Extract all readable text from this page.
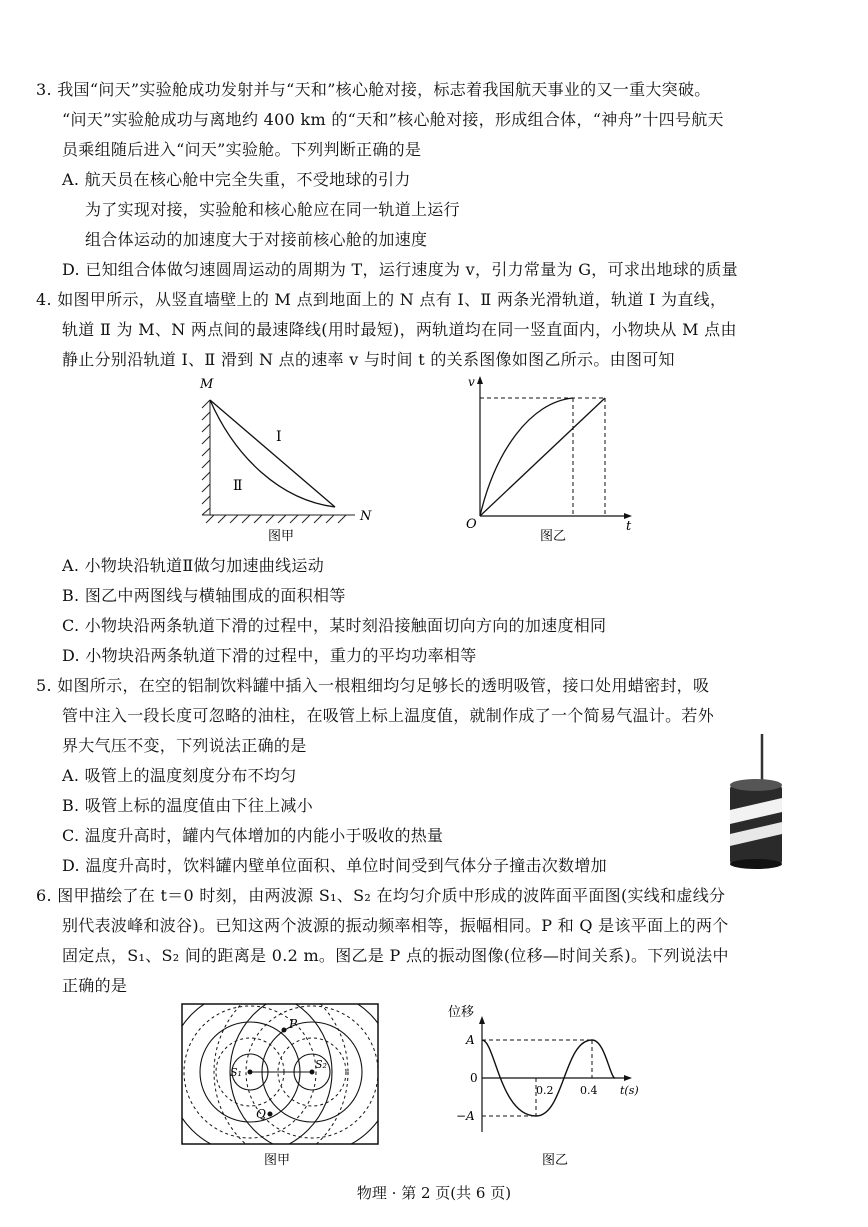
3. 我国“问天”实验舱成功发射并与“天和”核心舱对接，标志着我国航天事业的又一重大突破。
“问天”实验舱成功与离地约 400 km 的“天和”核心舱对接，形成组合体，“神舟”十四号航天
员乘组随后进入“问天”实验舱。下列判断正确的是
A. 航天员在核心舱中完全失重，不受地球的引力
为了实现对接，实验舱和核心舱应在同一轨道上运行
组合体运动的加速度大于对接前核心舱的加速度
D. 已知组合体做匀速圆周运动的周期为 T，运行速度为 v，引力常量为 G，可求出地球的质量
4. 如图甲所示，从竖直墙壁上的 M 点到地面上的 N 点有 Ⅰ、Ⅱ 两条光滑轨道，轨道 Ⅰ 为直线，
轨道 Ⅱ 为 M、N 两点间的最速降线(用时最短)，两轨道均在同一竖直面内，小物块从 M 点由
静止分别沿轨道 Ⅰ、Ⅱ 滑到 N 点的速率 v 与时间 t 的关系图像如图乙所示。由图可知
M
N
Ⅰ
Ⅱ
图甲
v
t
O
图乙
A. 小物块沿轨道Ⅱ做匀加速曲线运动
B. 图乙中两图线与横轴围成的面积相等
C. 小物块沿两条轨道下滑的过程中，某时刻沿接触面切向方向的加速度相同
D. 小物块沿两条轨道下滑的过程中，重力的平均功率相等
5. 如图所示，在空的铝制饮料罐中插入一根粗细均匀足够长的透明吸管，接口处用蜡密封，吸
管中注入一段长度可忽略的油柱，在吸管上标上温度值，就制作成了一个简易气温计。若外
界大气压不变，下列说法正确的是
A. 吸管上的温度刻度分布不均匀
B. 吸管上标的温度值由下往上减小
C. 温度升高时，罐内气体增加的内能小于吸收的热量
D. 温度升高时，饮料罐内壁单位面积、单位时间受到气体分子撞击次数增加
6. 图甲描绘了在 t＝0 时刻，由两波源 S₁、S₂ 在均匀介质中形成的波阵面平面图(实线和虚线分
别代表波峰和波谷)。已知这两个波源的振动频率相等，振幅相同。P 和 Q 是该平面上的两个
固定点，S₁、S₂ 间的距离是 0.2 m。图乙是 P 点的振动图像(位移—时间关系)。下列说法中
正确的是
S₁
S₂
P
Q
图甲
位移
A
0
−A
0.2 0.4 t(s)
图乙
物理 · 第 2 页(共 6 页)
